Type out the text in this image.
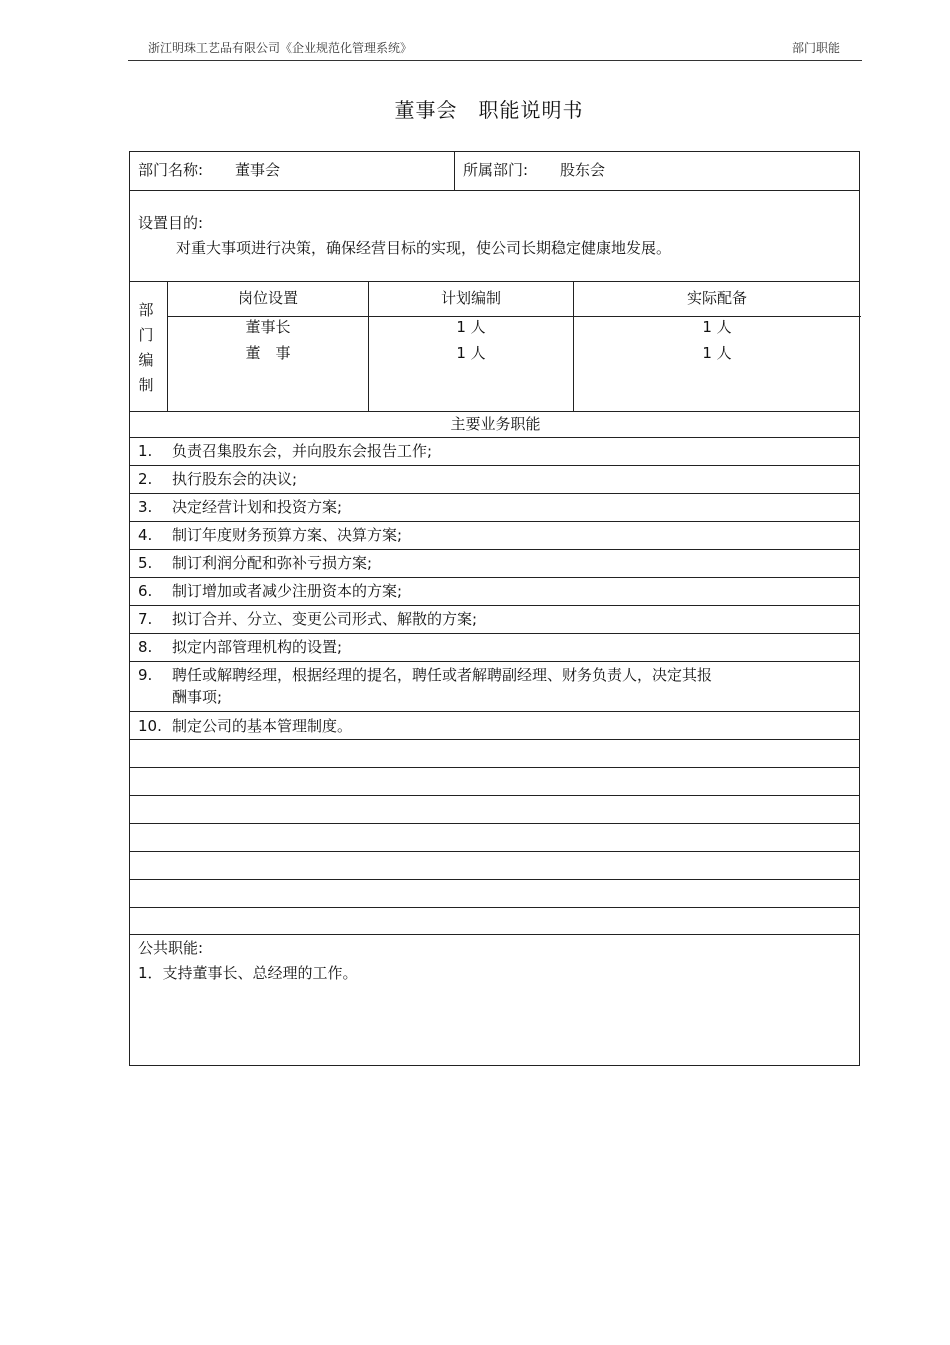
浙江明珠工艺品有限公司《企业规范化管理系统》	部门职能
董事会　职能说明书
部门名称: 董事会	所属部门: 股东会
设置目的:
对重大事项进行决策，确保经营目标的实现，使公司长期稳定健康地发展。
部
门
编
制
岗位设置	计划编制	实际配备
董事长	1 人	1 人
董　事	1 人	1 人
主要业务职能
1. 负责召集股东会，并向股东会报告工作;
2. 执行股东会的决议;
3. 决定经营计划和投资方案;
4. 制订年度财务预算方案、决算方案;
5. 制订利润分配和弥补亏损方案;
6. 制订增加或者减少注册资本的方案;
7. 拟订合并、分立、变更公司形式、解散的方案;
8. 拟定内部管理机构的设置;
9. 聘任或解聘经理，根据经理的提名，聘任或者解聘副经理、财务负责人，决定其报
酬事项;
10. 制定公司的基本管理制度。
公共职能:
1．支持董事长、总经理的工作。
